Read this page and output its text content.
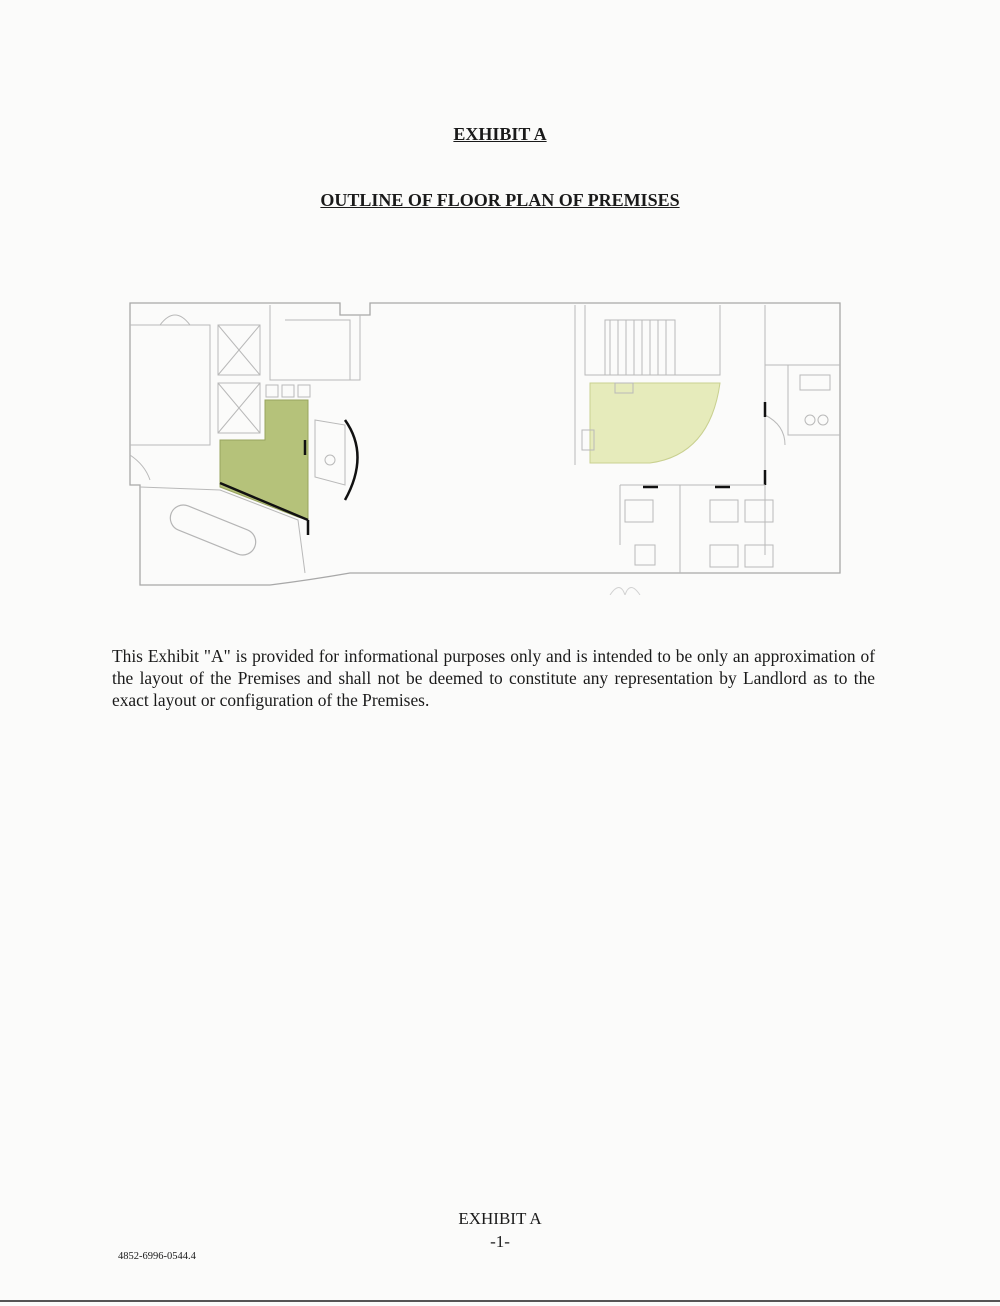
EXHIBIT A
OUTLINE OF FLOOR PLAN OF PREMISES
This Exhibit "A" is provided for informational purposes only and is intended to be only an approximation of the layout of the Premises and shall not be deemed to constitute any representation by Landlord as to the exact layout or configuration of the Premises.
EXHIBIT A
-1-
4852-6996-0544.4
